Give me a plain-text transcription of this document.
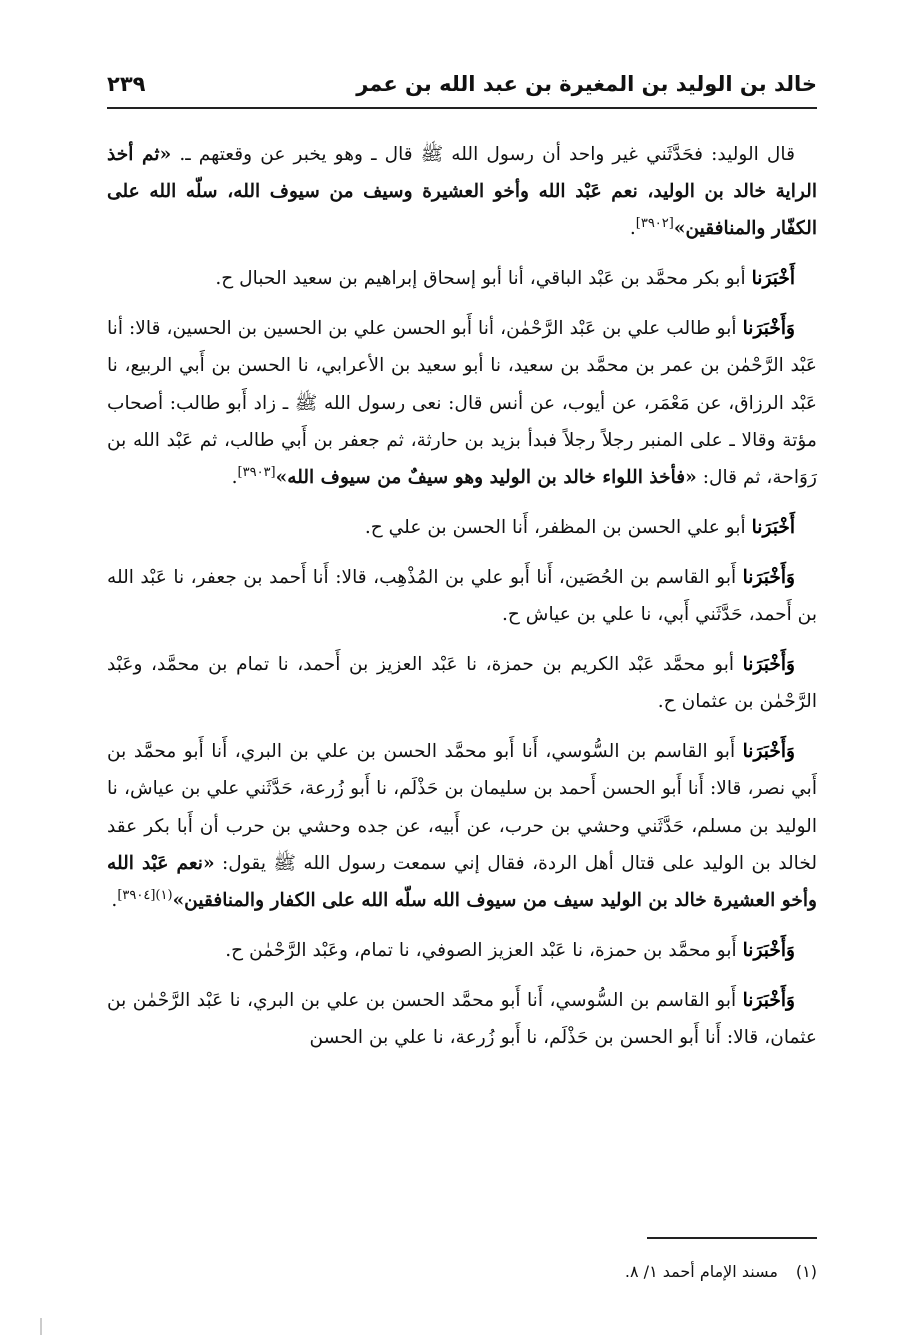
خالد بن الوليد بن المغيرة بن عبد الله بن عمر
٢٣٩

قال الوليد: فحَدَّثَني غير واحد أن رسول الله ﷺ قال ـ وهو يخبر عن وقعتهم ـ. «ثم أخذ الراية خالد بن الوليد، نعم عَبْد الله وأخو العشيرة وسيف من سيوف الله، سلّه الله على الكفّار والمنافقين»[٣٩٠٢].

أَخْبَرَنا أبو بكر محمَّد بن عَبْد الباقي، أنا أبو إسحاق إبراهيم بن سعيد الحبال ح.

وَأَخْبَرَنا أبو طالب علي بن عَبْد الرَّحْمٰن، أنا أَبو الحسن علي بن الحسين بن الحسين، قالا: أنا عَبْد الرَّحْمٰن بن عمر بن محمَّد بن سعيد، نا أبو سعيد بن الأعرابي، نا الحسن بن أَبي الربيع، نا عَبْد الرزاق، عن مَعْمَر، عن أيوب، عن أنس قال: نعى رسول الله ﷺ ـ زاد أَبو طالب: أصحاب مؤتة وقالا ـ على المنبر رجلاً رجلاً فبدأ بزيد بن حارثة، ثم جعفر بن أَبي طالب، ثم عَبْد الله بن رَوَاحة، ثم قال: «فأخذ اللواء خالد بن الوليد وهو سيفٌ من سيوف الله»[٣٩٠٣].

أَخْبَرَنا أبو علي الحسن بن المظفر، أَنا الحسن بن علي ح.

وَأَخْبَرَنا أَبو القاسم بن الحُصَين، أَنا أَبو علي بن المُذْهِب، قالا: أَنا أَحمد بن جعفر، نا عَبْد الله بن أَحمد، حَدَّثَني أَبي، نا علي بن عياش ح.

وَأَخْبَرَنا أبو محمَّد عَبْد الكريم بن حمزة، نا عَبْد العزيز بن أَحمد، نا تمام بن محمَّد، وعَبْد الرَّحْمٰن بن عثمان ح.

وَأَخْبَرَنا أَبو القاسم بن السُّوسي، أَنا أَبو محمَّد الحسن بن علي بن البري، أَنا أَبو محمَّد بن أَبي نصر، قالا: أَنا أَبو الحسن أَحمد بن سليمان بن حَذْلَم، نا أَبو زُرعة، حَدَّثَني علي بن عياش، نا الوليد بن مسلم، حَدَّثَني وحشي بن حرب، عن أَبيه، عن جده وحشي بن حرب أن أَبا بكر عقد لخالد بن الوليد على قتال أهل الردة، فقال إني سمعت رسول الله ﷺ يقول: «نعم عَبْد الله وأخو العشيرة خالد بن الوليد سيف من سيوف الله سلّه الله على الكفار والمنافقين»$^{(١)[٣٩٠٤]}$.

وَأَخْبَرَنا أَبو محمَّد بن حمزة، نا عَبْد العزيز الصوفي، نا تمام، وعَبْد الرَّحْمٰن ح.

وَأَخْبَرَنا أَبو القاسم بن السُّوسي، أَنا أَبو محمَّد الحسن بن علي بن البري، نا عَبْد الرَّحْمٰن بن عثمان، قالا: أَنا أَبو الحسن بن حَذْلَم، نا أَبو زُرعة، نا علي بن الحسن

(١)مسند الإمام أحمد ١/ ٨.
